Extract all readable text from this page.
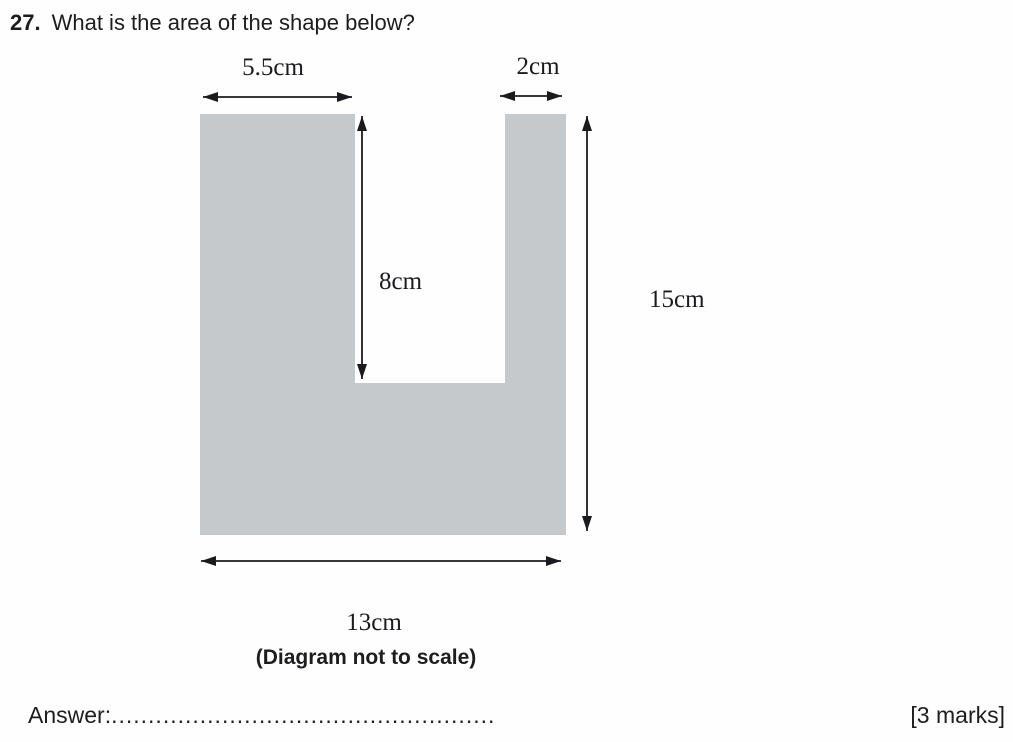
27. What is the area of the shape below?
5.5cm	2cm
8cm
15cm
13cm
(Diagram not to scale)
Answer:....................................................	[3 marks]
